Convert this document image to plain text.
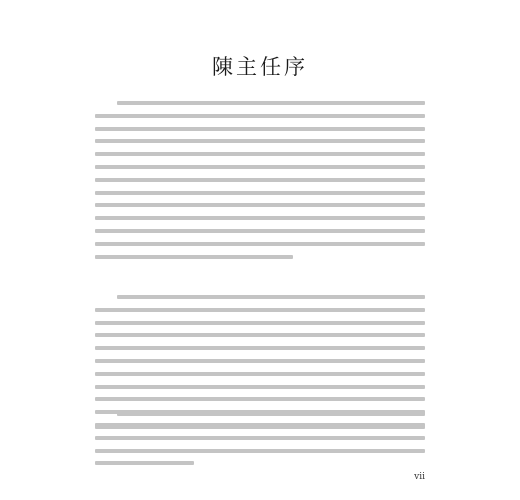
陳主任序
vii
